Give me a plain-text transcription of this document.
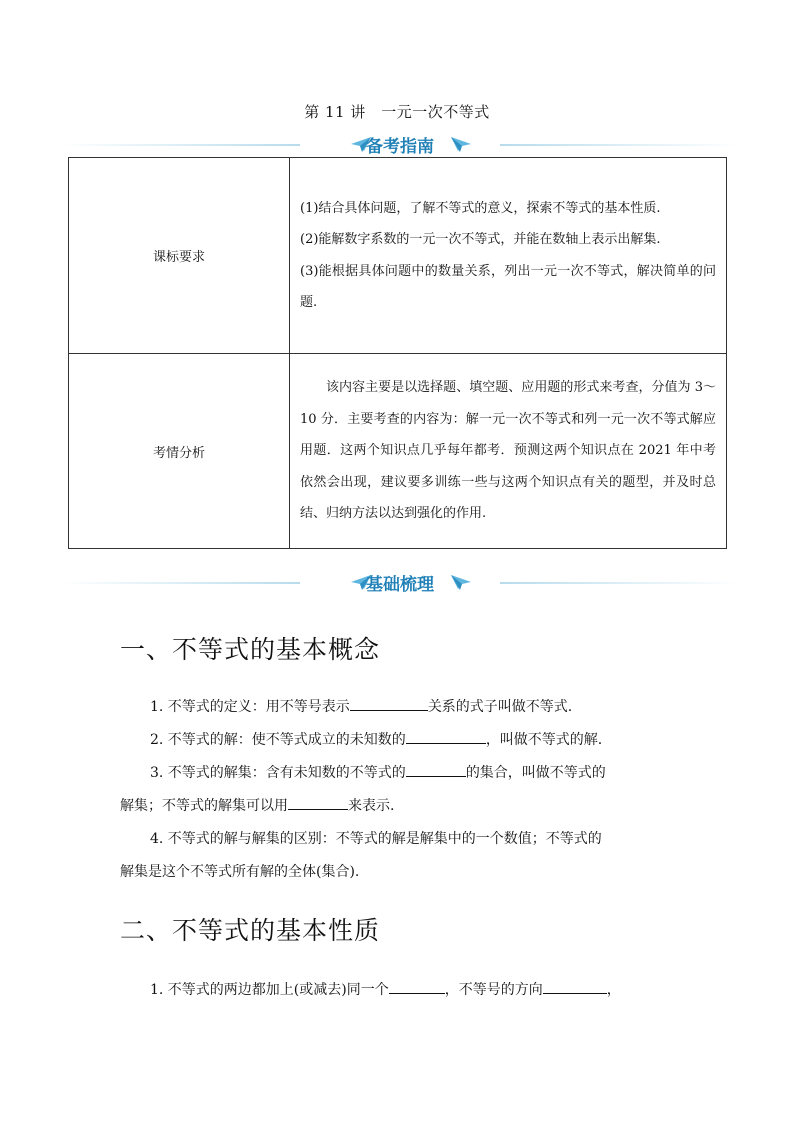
第 11 讲　一元一次不等式
备考指南
课标要求	(1)结合具体问题，了解不等式的意义，探索不等式的基本性质.
(2)能解数字系数的一元一次不等式，并能在数轴上表示出解集.
(3)能根据具体问题中的数量关系，列出一元一次不等式，解决简单的问题.

考情分析	该内容主要是以选择题、填空题、应用题的形式来考查，分值为 3～10 分．主要考查的内容为：解一元一次不等式和列一元一次不等式解应用题．这两个知识点几乎每年都考．预测这两个知识点在 2021 年中考依然会出现，建议要多训练一些与这两个知识点有关的题型，并及时总结、归纳方法以达到强化的作用.
基础梳理
一、不等式的基本概念

1. 不等式的定义：用不等号表示	关系的式子叫做不等式.

2. 不等式的解：使不等式成立的未知数的	，叫做不等式的解.

3. 不等式的解集：含有未知数的不等式的	的集合，叫做不等式的

解集；不等式的解集可以用	来表示.

4. 不等式的解与解集的区别：不等式的解是解集中的一个数值；不等式的

解集是这个不等式所有解的全体(集合).

二、不等式的基本性质

1. 不等式的两边都加上(或减去)同一个	，不等号的方向	，
